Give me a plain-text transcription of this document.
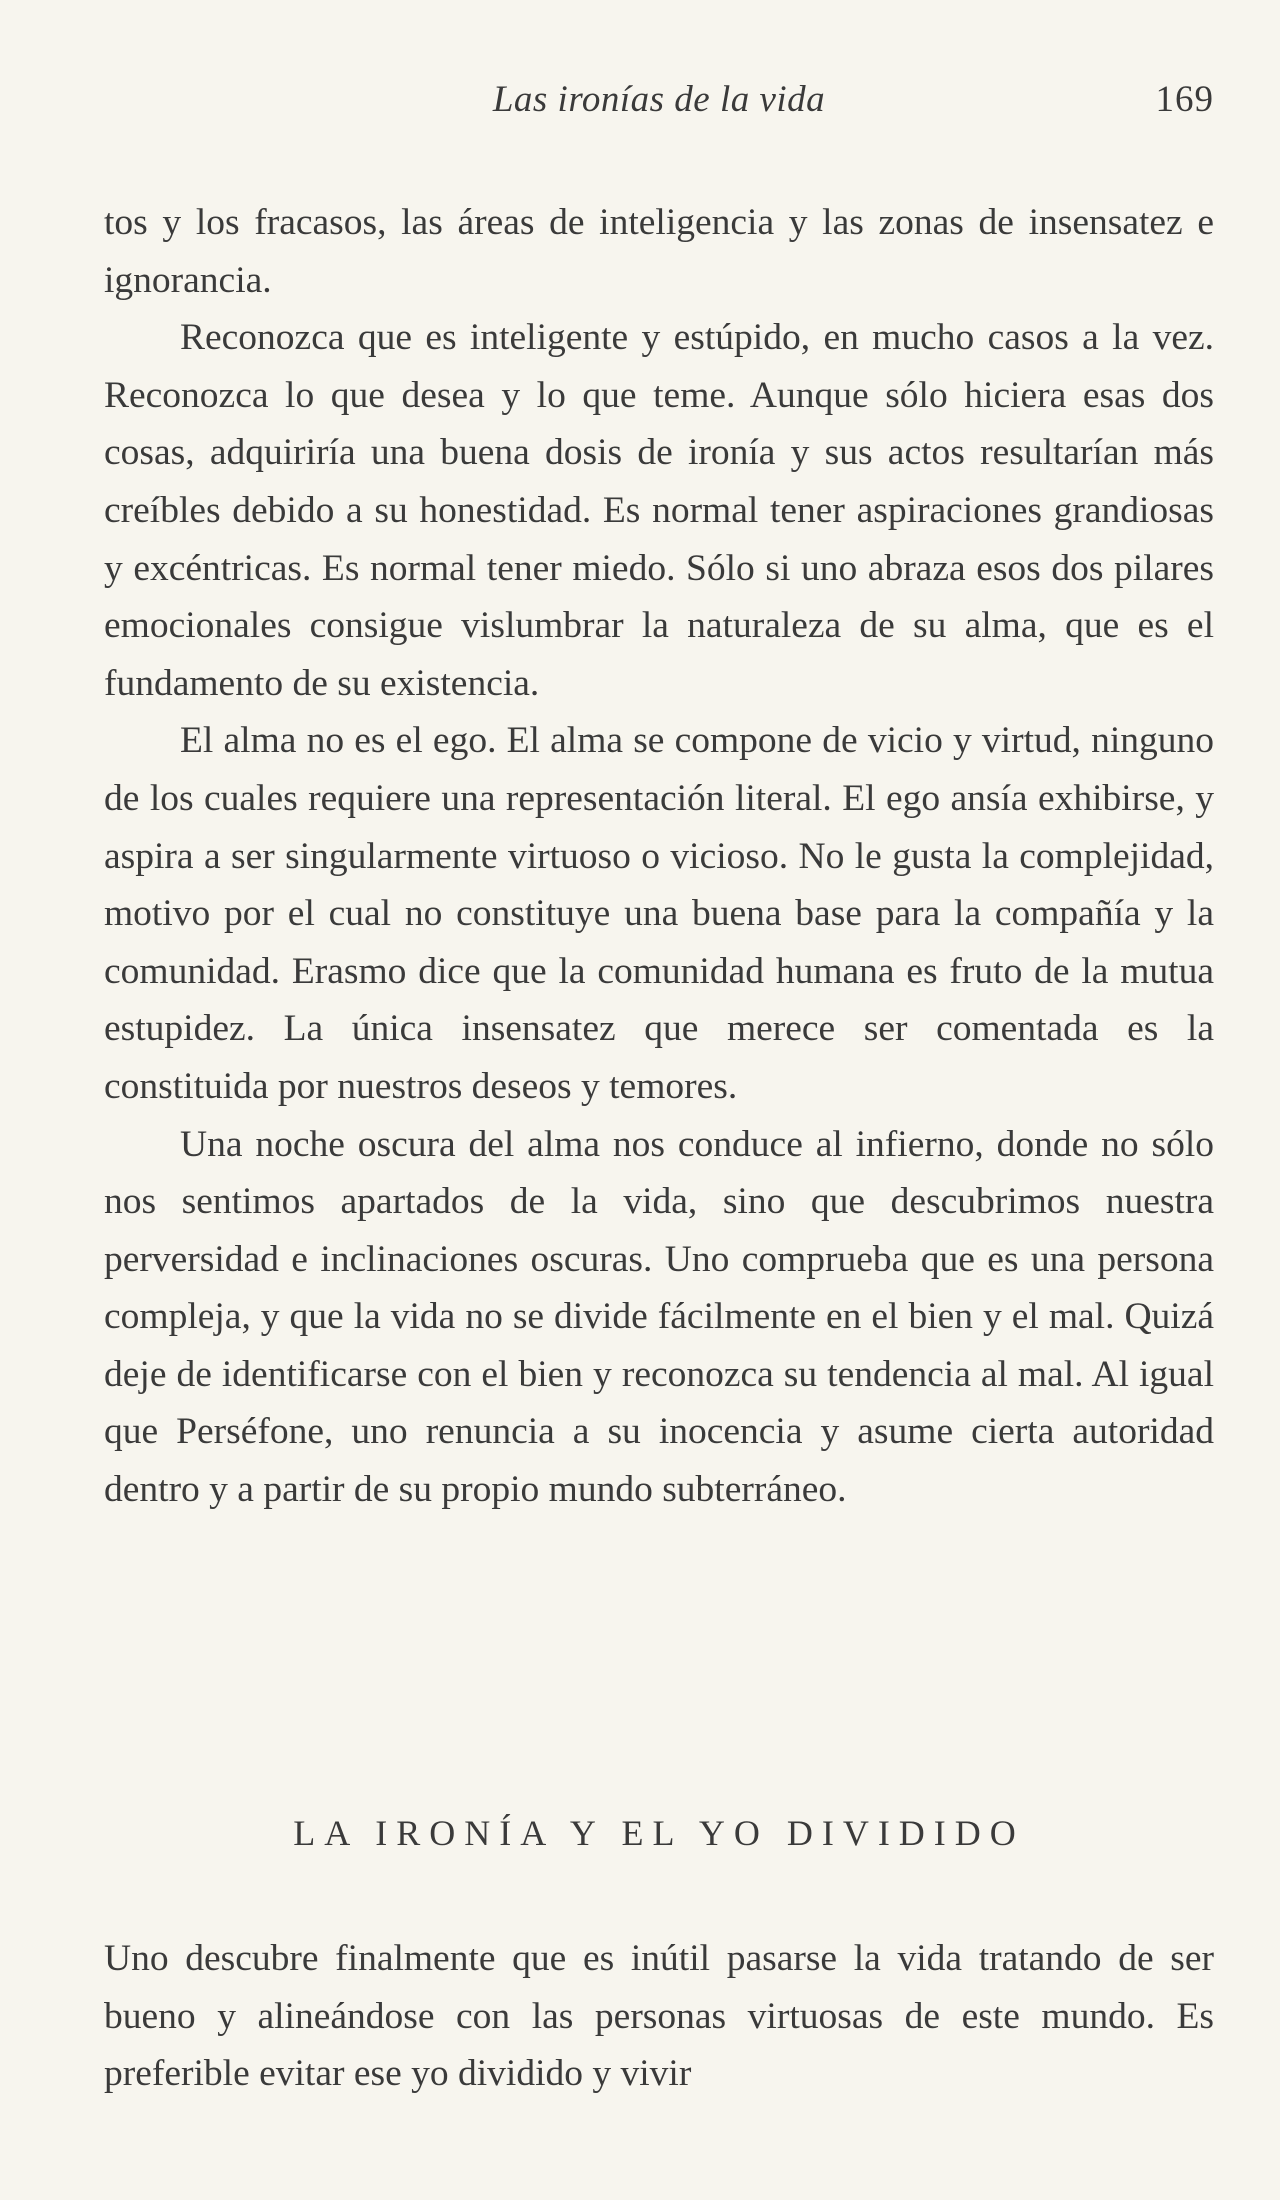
Las ironías de la vida	169

tos y los fracasos, las áreas de inteligencia y las zonas de insensatez e ignorancia.

Reconozca que es inteligente y estúpido, en mucho casos a la vez. Reconozca lo que desea y lo que teme. Aunque sólo hiciera esas dos cosas, adquiriría una buena dosis de ironía y sus actos resultarían más creíbles debido a su honestidad. Es normal tener aspiraciones grandiosas y excéntricas. Es normal tener miedo. Sólo si uno abraza esos dos pilares emocionales consigue vislumbrar la naturaleza de su alma, que es el fundamento de su existencia.

El alma no es el ego. El alma se compone de vicio y virtud, ninguno de los cuales requiere una representación literal. El ego ansía exhibirse, y aspira a ser singularmente virtuoso o vicioso. No le gusta la complejidad, motivo por el cual no constituye una buena base para la compañía y la comunidad. Erasmo dice que la comunidad humana es fruto de la mutua estupidez. La única insensatez que merece ser comentada es la constituida por nuestros deseos y temores.

Una noche oscura del alma nos conduce al infierno, donde no sólo nos sentimos apartados de la vida, sino que descubrimos nuestra perversidad e inclinaciones oscuras. Uno comprueba que es una persona compleja, y que la vida no se divide fácilmente en el bien y el mal. Quizá deje de identificarse con el bien y reconozca su tendencia al mal. Al igual que Perséfone, uno renuncia a su inocencia y asume cierta autoridad dentro y a partir de su propio mundo subterráneo.

LA IRONÍA Y EL YO DIVIDIDO

Uno descubre finalmente que es inútil pasarse la vida tratando de ser bueno y alineándose con las personas virtuosas de este mundo. Es preferible evitar ese yo dividido y vivir
